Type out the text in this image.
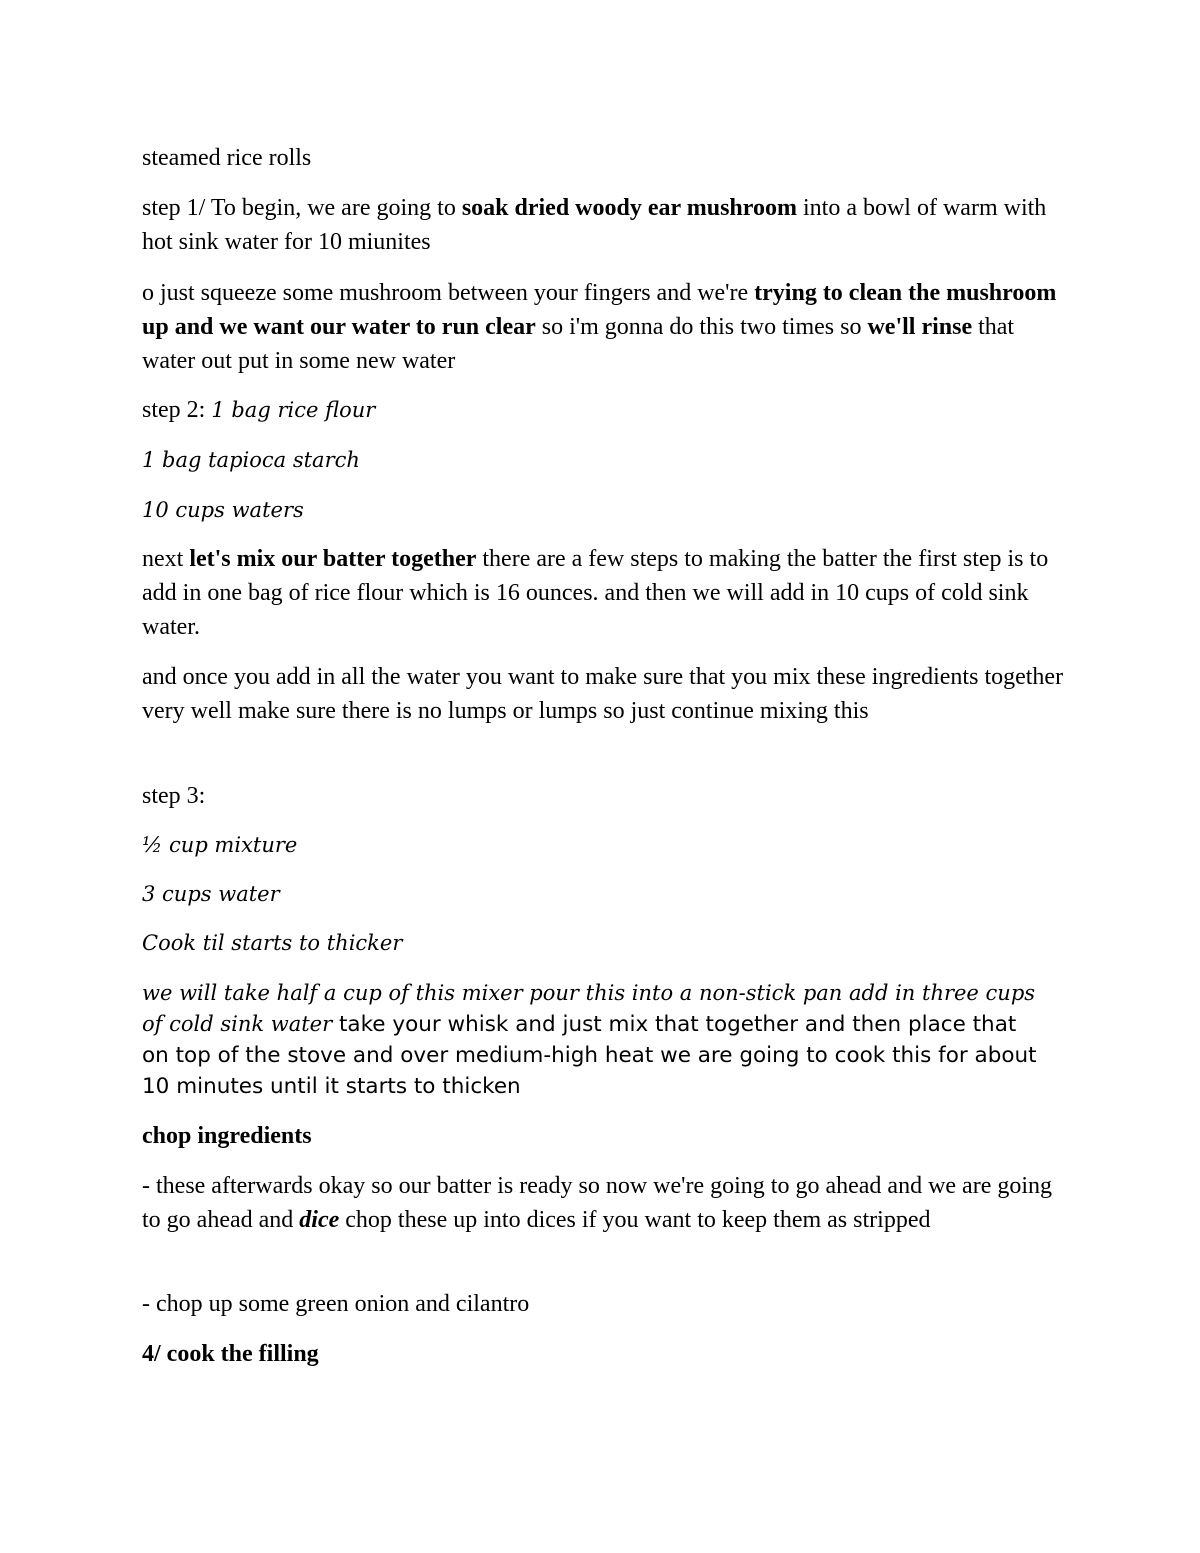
steamed rice rolls

step 1/ To begin, we are going to soak dried woody ear mushroom into a bowl of warm with hot sink water for 10 miunites

o just squeeze some mushroom between your fingers and we're trying to clean the mushroom up and we want our water to run clear so i'm gonna do this two times so we'll rinse that water out put in some new water

step 2: 1 bag rice flour

1 bag tapioca starch

10 cups waters

next let's mix our batter together there are a few steps to making the batter the first step is to add in one bag of rice flour which is 16 ounces. and then we will add in 10 cups of cold sink water.

and once you add in all the water you want to make sure that you mix these ingredients together very well make sure there is no lumps or lumps so just continue mixing this

step 3:

½ cup mixture

3 cups water

Cook til starts to thicker

we will take half a cup of this mixer pour this into a non-stick pan add in three cups of cold sink water take your whisk and just mix that together and then place that on top of the stove and over medium-high heat we are going to cook this for about 10 minutes until it starts to thicken

chop ingredients

- these afterwards okay so our batter is ready so now we're going to go ahead and we are going to go ahead and dice chop these up into dices if you want to keep them as stripped

- chop up some green onion and cilantro

4/ cook the filling
